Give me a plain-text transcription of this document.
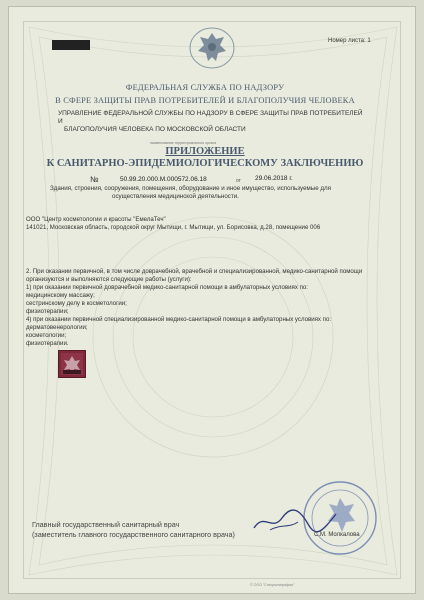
Номер листа: 1
ФЕДЕРАЛЬНАЯ СЛУЖБА ПО НАДЗОРУ
В СФЕРЕ ЗАЩИТЫ ПРАВ ПОТРЕБИТЕЛЕЙ И БЛАГОПОЛУЧИЯ ЧЕЛОВЕКА
УПРАВЛЕНИЕ ФЕДЕРАЛЬНОЙ СЛУЖБЫ ПО НАДЗОРУ В СФЕРЕ ЗАЩИТЫ ПРАВ ПОТРЕБИТЕЛЕЙ И
БЛАГОПОЛУЧИЯ ЧЕЛОВЕКА ПО МОСКОВСКОЙ ОБЛАСТИ
наименование территориального органа
ПРИЛОЖЕНИЕ
К САНИТАРНО-ЭПИДЕМИОЛОГИЧЕСКОМУ ЗАКЛЮЧЕНИЮ
№	50.99.20.000.М.000572.06.18	от 29.06.2018 г.
Здания, строения, сооружения, помещения, оборудование и иное имущество, используемые для
осуществления медицинской деятельности.
ООО "Центр косметологии и красоты "ЕмелаТеч"
141021, Московская область, городской округ Мытищи, г. Мытищи, ул. Борисовка, д.28, помещение 006
2. При оказании первичной, в том числе доврачебной, врачебной и специализированной, медико-санитарной помощи
организуются и выполняются следующие работы (услуги):
1) при оказании первичной доврачебной медико-санитарной помощи в амбулаторных условиях по:
медицинскому массажу;
сестринскому делу в косметологии;
физиотерапии;
4) при оказании первичной специализированной медико-санитарной помощи в амбулаторных условиях по:
дерматовенерологии;
косметологии;
физиотерапии.
Главный государственный санитарный врач
(заместитель главного государственного санитарного врача)	С.М. Молкалова
© ООО "Спецполиграфия"
